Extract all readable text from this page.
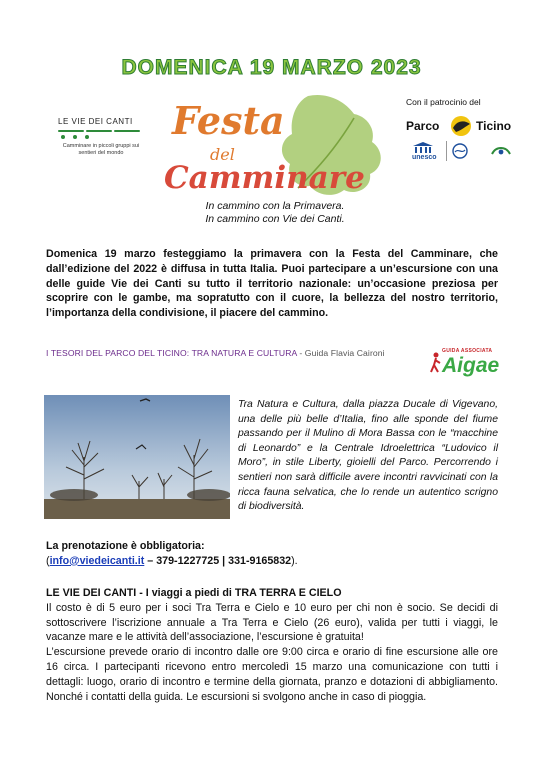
DOMENICA 19 MARZO 2023
LE VIE DEI CANTI
Camminare in piccoli gruppi sui sentieri del mondo
Festa
del
Camminare
In cammino con la Primavera.
In cammino con Vie dei Canti.
Con il patrocinio del
Parco	Ticino
unesco
Domenica 19 marzo festeggiamo la primavera con la Festa del Camminare, che dall’edizione del 2022 è diffusa in tutta Italia. Puoi partecipare a un’escursione con una delle guide Vie dei Canti su tutto il territorio nazionale: un’occasione preziosa per scoprire con le gambe, ma sopratutto con il cuore, la bellezza del nostro territorio, l’importanza della condivisione, il piacere del cammino.
I TESORI DEL PARCO DEL TICINO: TRA NATURA E CULTURA - Guida Flavia Caironi	GUIDA ASSOCIATA
Aigae
Tra Natura e Cultura, dalla piazza Ducale di Vigevano, una delle più belle d’Italia, fino alle sponde del fiume passando per il Mulino di Mora Bassa con le “macchine di Leonardo” e la Centrale Idroelettrica “Ludovico il Moro”, in stile Liberty, gioielli del Parco. Percorrendo i sentieri non sarà difficile avere incontri ravvicinati con la ricca fauna selvatica, che lo rende un autentico scrigno di biodiversità.
La prenotazione è obbligatoria:
(info@viedeicanti.it – 379-1227725 | 331-9165832).
LE VIE DEI CANTI - I viaggi a piedi di TRA TERRA E CIELO
Il costo è di 5 euro per i soci Tra Terra e Cielo e 10 euro per chi non è socio. Se decidi di sottoscrivere l’iscrizione annuale a Tra Terra e Cielo (26 euro), valida per tutti i viaggi, le vacanze mare e le attività dell’associazione, l’escursione è gratuita!
L’escursione prevede orario di incontro dalle ore 9:00 circa e orario di fine escursione alle ore 16 circa. I partecipanti ricevono entro mercoledì 15 marzo una comunicazione con tutti i dettagli: luogo, orario di incontro e termine della giornata, pranzo e dotazioni di abbigliamento. Nonché i contatti della guida. Le escursioni si svolgono anche in caso di pioggia.
